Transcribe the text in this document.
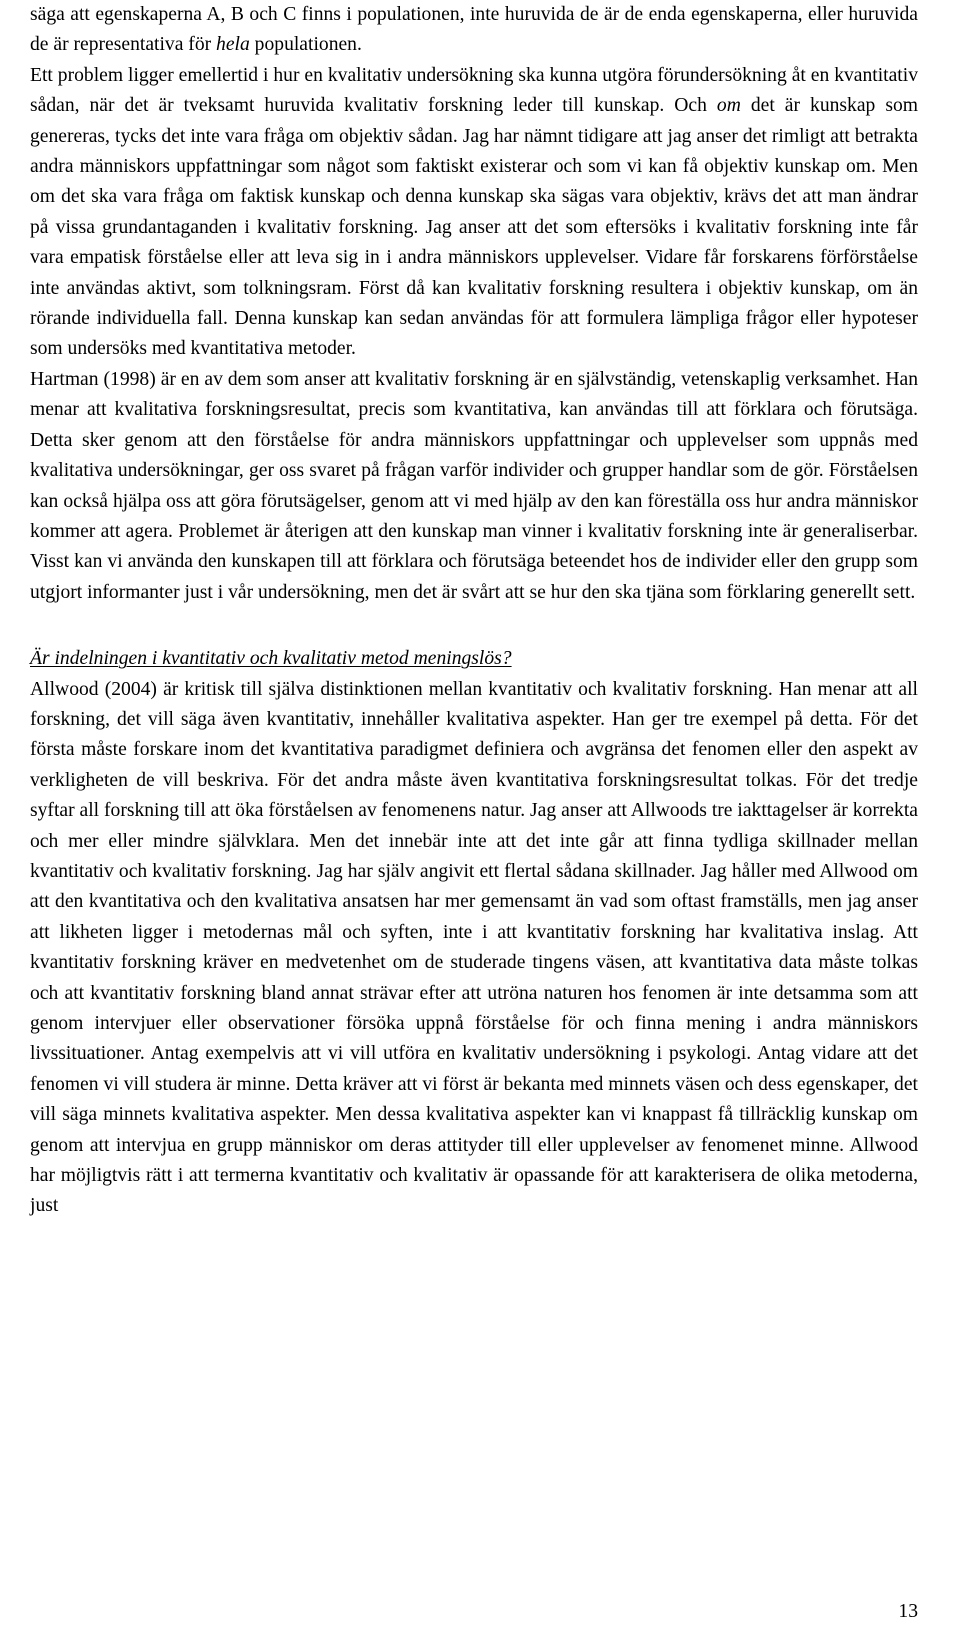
säga att egenskaperna A, B och C finns i populationen, inte huruvida de är de enda egenskaperna, eller huruvida de är representativa för hela populationen.

Ett problem ligger emellertid i hur en kvalitativ undersökning ska kunna utgöra förundersökning åt en kvantitativ sådan, när det är tveksamt huruvida kvalitativ forskning leder till kunskap. Och om det är kunskap som genereras, tycks det inte vara fråga om objektiv sådan. Jag har nämnt tidigare att jag anser det rimligt att betrakta andra människors uppfattningar som något som faktiskt existerar och som vi kan få objektiv kunskap om. Men om det ska vara fråga om faktisk kunskap och denna kunskap ska sägas vara objektiv, krävs det att man ändrar på vissa grundantaganden i kvalitativ forskning. Jag anser att det som eftersöks i kvalitativ forskning inte får vara empatisk förståelse eller att leva sig in i andra människors upplevelser. Vidare får forskarens förförståelse inte användas aktivt, som tolkningsram. Först då kan kvalitativ forskning resultera i objektiv kunskap, om än rörande individuella fall. Denna kunskap kan sedan användas för att formulera lämpliga frågor eller hypoteser som undersöks med kvantitativa metoder.

Hartman (1998) är en av dem som anser att kvalitativ forskning är en självständig, vetenskaplig verksamhet. Han menar att kvalitativa forskningsresultat, precis som kvantitativa, kan användas till att förklara och förutsäga. Detta sker genom att den förståelse för andra människors uppfattningar och upplevelser som uppnås med kvalitativa undersökningar, ger oss svaret på frågan varför individer och grupper handlar som de gör. Förståelsen kan också hjälpa oss att göra förutsägelser, genom att vi med hjälp av den kan föreställa oss hur andra människor kommer att agera. Problemet är återigen att den kunskap man vinner i kvalitativ forskning inte är generaliserbar. Visst kan vi använda den kunskapen till att förklara och förutsäga beteendet hos de individer eller den grupp som utgjort informanter just i vår undersökning, men det är svårt att se hur den ska tjäna som förklaring generellt sett.

Är indelningen i kvantitativ och kvalitativ metod meningslös?

Allwood (2004) är kritisk till själva distinktionen mellan kvantitativ och kvalitativ forskning. Han menar att all forskning, det vill säga även kvantitativ, innehåller kvalitativa aspekter. Han ger tre exempel på detta. För det första måste forskare inom det kvantitativa paradigmet definiera och avgränsa det fenomen eller den aspekt av verkligheten de vill beskriva. För det andra måste även kvantitativa forskningsresultat tolkas. För det tredje syftar all forskning till att öka förståelsen av fenomenens natur. Jag anser att Allwoods tre iakttagelser är korrekta och mer eller mindre självklara. Men det innebär inte att det inte går att finna tydliga skillnader mellan kvantitativ och kvalitativ forskning. Jag har själv angivit ett flertal sådana skillnader. Jag håller med Allwood om att den kvantitativa och den kvalitativa ansatsen har mer gemensamt än vad som oftast framställs, men jag anser att likheten ligger i metodernas mål och syften, inte i att kvantitativ forskning har kvalitativa inslag. Att kvantitativ forskning kräver en medvetenhet om de studerade tingens väsen, att kvantitativa data måste tolkas och att kvantitativ forskning bland annat strävar efter att utröna naturen hos fenomen är inte detsamma som att genom intervjuer eller observationer försöka uppnå förståelse för och finna mening i andra människors livssituationer. Antag exempelvis att vi vill utföra en kvalitativ undersökning i psykologi. Antag vidare att det fenomen vi vill studera är minne. Detta kräver att vi först är bekanta med minnets väsen och dess egenskaper, det vill säga minnets kvalitativa aspekter. Men dessa kvalitativa aspekter kan vi knappast få tillräcklig kunskap om genom att intervjua en grupp människor om deras attityder till eller upplevelser av fenomenet minne. Allwood har möjligtvis rätt i att termerna kvantitativ och kvalitativ är opassande för att karakterisera de olika metoderna, just

13
